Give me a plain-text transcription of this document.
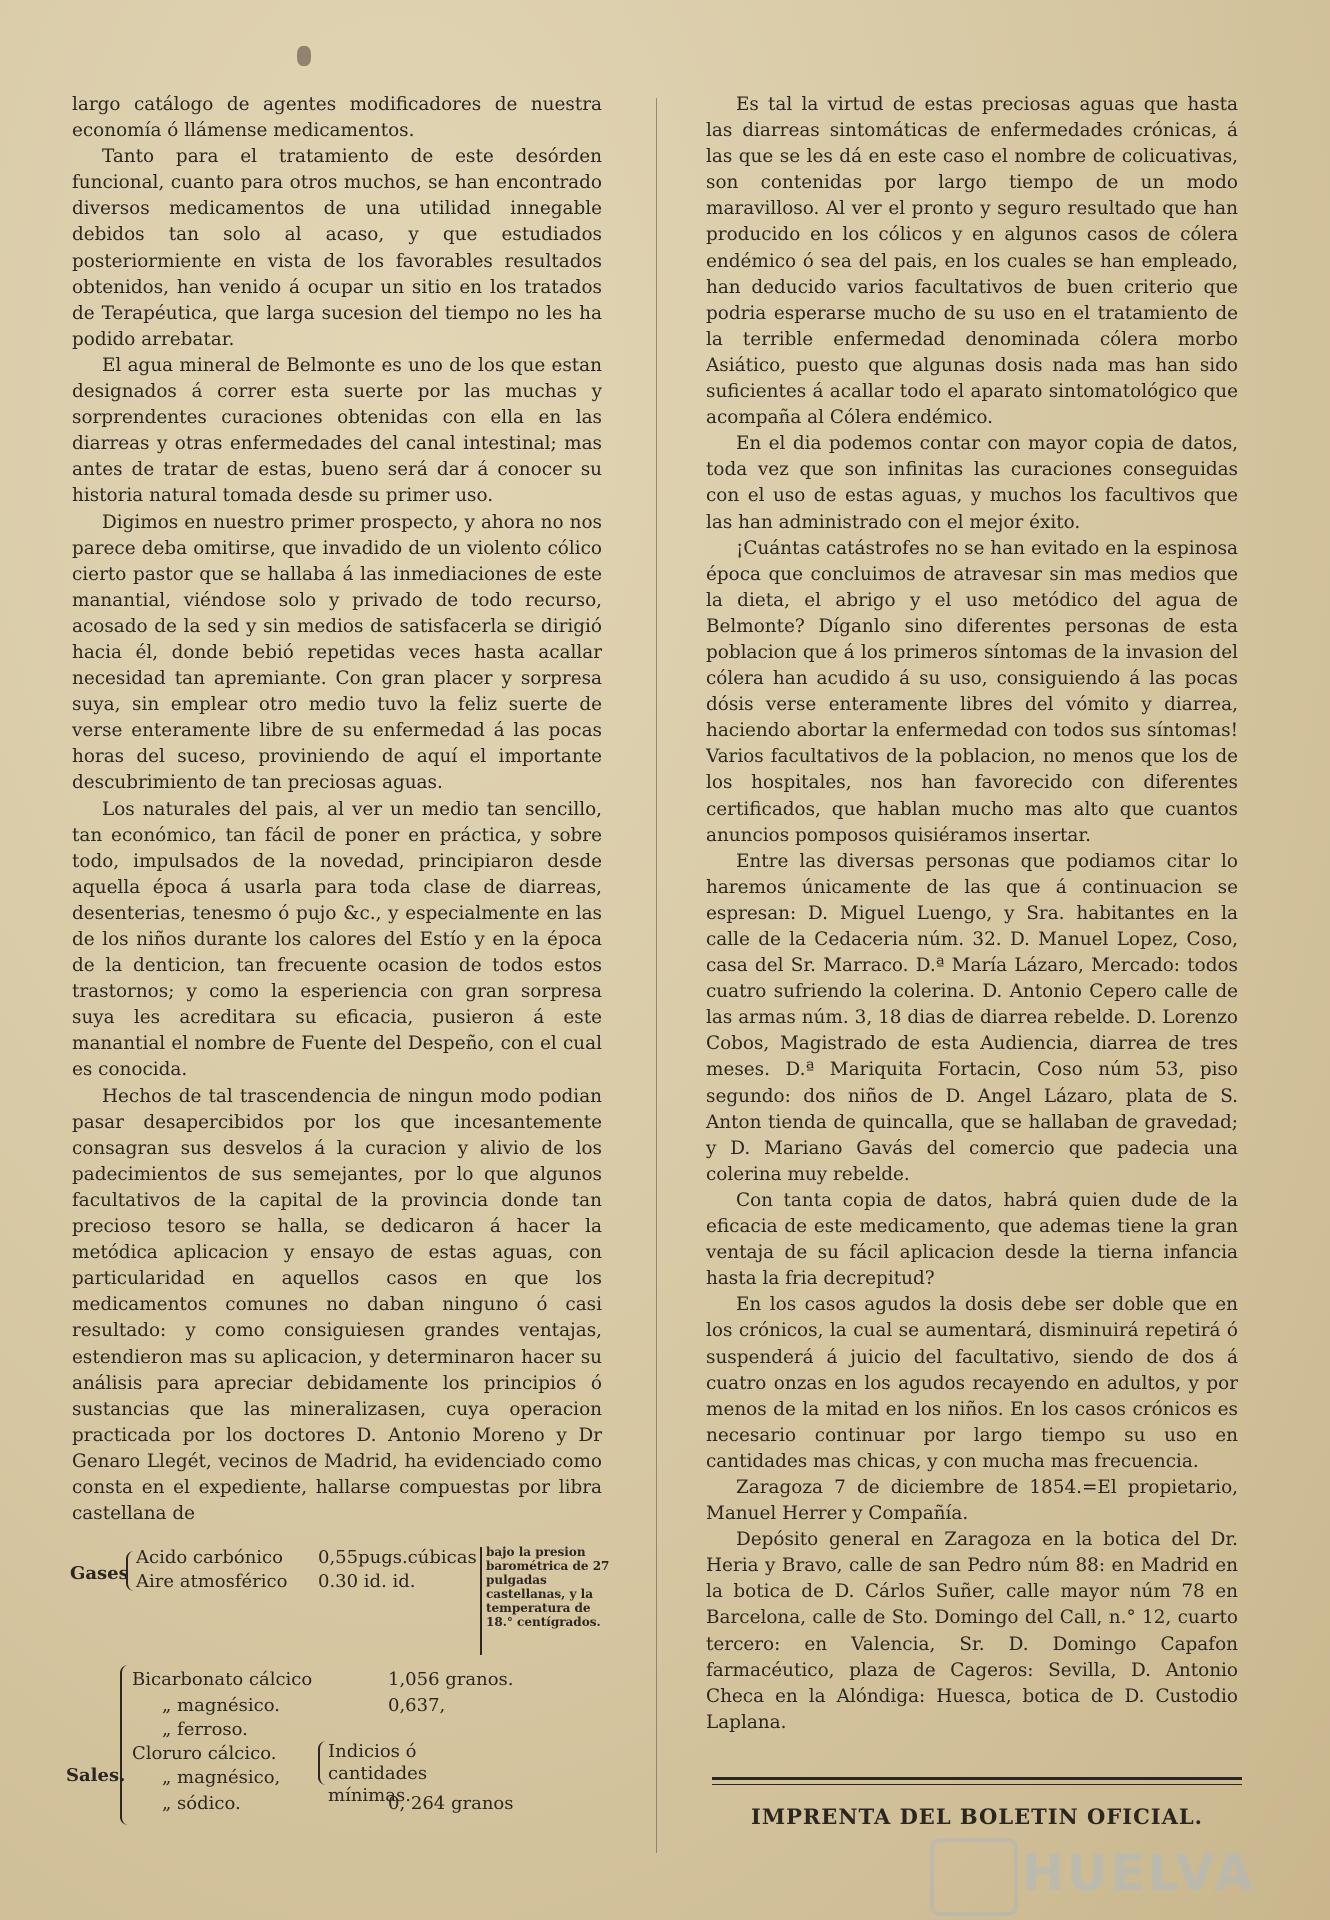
largo catálogo de agentes modificadores de nuestra economía ó llámense medicamentos.

Tanto para el tratamiento de este desórden funcional, cuanto para otros muchos, se han encontrado diversos medicamentos de una utilidad innegable debidos tan solo al acaso, y que estudiados posteriormiente en vista de los favorables resultados obtenidos, han venido á ocupar un sitio en los tratados de Terapéutica, que larga sucesion del tiempo no les ha podido arrebatar.

El agua mineral de Belmonte es uno de los que estan designados á correr esta suerte por las muchas y sorprendentes curaciones obtenidas con ella en las diarreas y otras enfermedades del canal intestinal; mas antes de tratar de estas, bueno será dar á conocer su historia natural tomada desde su primer uso.

Digimos en nuestro primer prospecto, y ahora no nos parece deba omitirse, que invadido de un violento cólico cierto pastor que se hallaba á las inmediaciones de este manantial, viéndose solo y privado de todo recurso, acosado de la sed y sin medios de satisfacerla se dirigió hacia él, donde bebió repetidas veces hasta acallar necesidad tan apremiante. Con gran placer y sorpresa suya, sin emplear otro medio tuvo la feliz suerte de verse enteramente libre de su enfermedad á las pocas horas del suceso, proviniendo de aquí el importante descubrimiento de tan preciosas aguas.

Los naturales del pais, al ver un medio tan sencillo, tan económico, tan fácil de poner en práctica, y sobre todo, impulsados de la novedad, principiaron desde aquella época á usarla para toda clase de diarreas, desenterias, tenesmo ó pujo &c., y especialmente en las de los niños durante los calores del Estío y en la época de la denticion, tan frecuente ocasion de todos estos trastornos; y como la esperiencia con gran sorpresa suya les acreditara su eficacia, pusieron á este manantial el nombre de Fuente del Despeño, con el cual es conocida.

Hechos de tal trascendencia de ningun modo podian pasar desapercibidos por los que incesantemente consagran sus desvelos á la curacion y alivio de los padecimientos de sus semejantes, por lo que algunos facultativos de la capital de la provincia donde tan precioso tesoro se halla, se dedicaron á hacer la metódica aplicacion y ensayo de estas aguas, con particularidad en aquellos casos en que los medicamentos comunes no daban ninguno ó casi resultado: y como consiguiesen grandes ventajas, estendieron mas su aplicacion, y determinaron hacer su análisis para apreciar debidamente los principios ó sustancias que las mineralizasen, cuya operacion practicada por los doctores D. Antonio Moreno y Dr Genaro Llegét, vecinos de Madrid, ha evidenciado como consta en el expediente, hallarse compuestas por libra castellana de

Gases
Acido carbónico 0,55pugs.cúbicas
Aire atmosférico 0.30 id. id.
bajo la presion barométrica de 27 pulgadas castellanas, y la temperatura de 18.° centígrados.
Sales.
Bicarbonato cálcico	1,056 granos.
„ magnésico.	0,637,
„ ferroso.
Cloruro cálcico.	Indicios ó cantidades mínimas.
„ magnésico,
„ sódico.	0, 264 granos

Es tal la virtud de estas preciosas aguas que hasta las diarreas sintomáticas de enfermedades crónicas, á las que se les dá en este caso el nombre de colicuativas, son contenidas por largo tiempo de un modo maravilloso. Al ver el pronto y seguro resultado que han producido en los cólicos y en algunos casos de cólera endémico ó sea del pais, en los cuales se han empleado, han deducido varios facultativos de buen criterio que podria esperarse mucho de su uso en el tratamiento de la terrible enfermedad denominada cólera morbo Asiático, puesto que algunas dosis nada mas han sido suficientes á acallar todo el aparato sintomatológico que acompaña al Cólera endémico.

En el dia podemos contar con mayor copia de datos, toda vez que son infinitas las curaciones conseguidas con el uso de estas aguas, y muchos los facultivos que las han administrado con el mejor éxito.

¡Cuántas catástrofes no se han evitado en la espinosa época que concluimos de atravesar sin mas medios que la dieta, el abrigo y el uso metódico del agua de Belmonte? Díganlo sino diferentes personas de esta poblacion que á los primeros síntomas de la invasion del cólera han acudido á su uso, consiguiendo á las pocas dósis verse enteramente libres del vómito y diarrea, haciendo abortar la enfermedad con todos sus síntomas! Varios facultativos de la poblacion, no menos que los de los hospitales, nos han favorecido con diferentes certificados, que hablan mucho mas alto que cuantos anuncios pomposos quisiéramos insertar.

Entre las diversas personas que podiamos citar lo haremos únicamente de las que á continuacion se espresan: D. Miguel Luengo, y Sra. habitantes en la calle de la Cedaceria núm. 32. D. Manuel Lopez, Coso, casa del Sr. Marraco. D.ª María Lázaro, Mercado: todos cuatro sufriendo la colerina. D. Antonio Cepero calle de las armas núm. 3, 18 dias de diarrea rebelde. D. Lorenzo Cobos, Magistrado de esta Audiencia, diarrea de tres meses. D.ª Mariquita Fortacin, Coso núm 53, piso segundo: dos niños de D. Angel Lázaro, plata de S. Anton tienda de quincalla, que se hallaban de gravedad; y D. Mariano Gavás del comercio que padecia una colerina muy rebelde.

Con tanta copia de datos, habrá quien dude de la eficacia de este medicamento, que ademas tiene la gran ventaja de su fácil aplicacion desde la tierna infancia hasta la fria decrepitud?

En los casos agudos la dosis debe ser doble que en los crónicos, la cual se aumentará, disminuirá repetirá ó suspenderá á juicio del facultativo, siendo de dos á cuatro onzas en los agudos recayendo en adultos, y por menos de la mitad en los niños. En los casos crónicos es necesario continuar por largo tiempo su uso en cantidades mas chicas, y con mucha mas frecuencia.

Zaragoza 7 de diciembre de 1854.=El propietario, Manuel Herrer y Compañía.

Depósito general en Zaragoza en la botica del Dr. Heria y Bravo, calle de san Pedro núm 88: en Madrid en la botica de D. Cárlos Suñer, calle mayor núm 78 en Barcelona, calle de Sto. Domingo del Call, n.° 12, cuarto tercero: en Valencia, Sr. D. Domingo Capafon farmacéutico, plaza de Cageros: Sevilla, D. Antonio Checa en la Alóndiga: Huesca, botica de D. Custodio Laplana.

IMPRENTA DEL BOLETIN OFICIAL.
HUELVA
